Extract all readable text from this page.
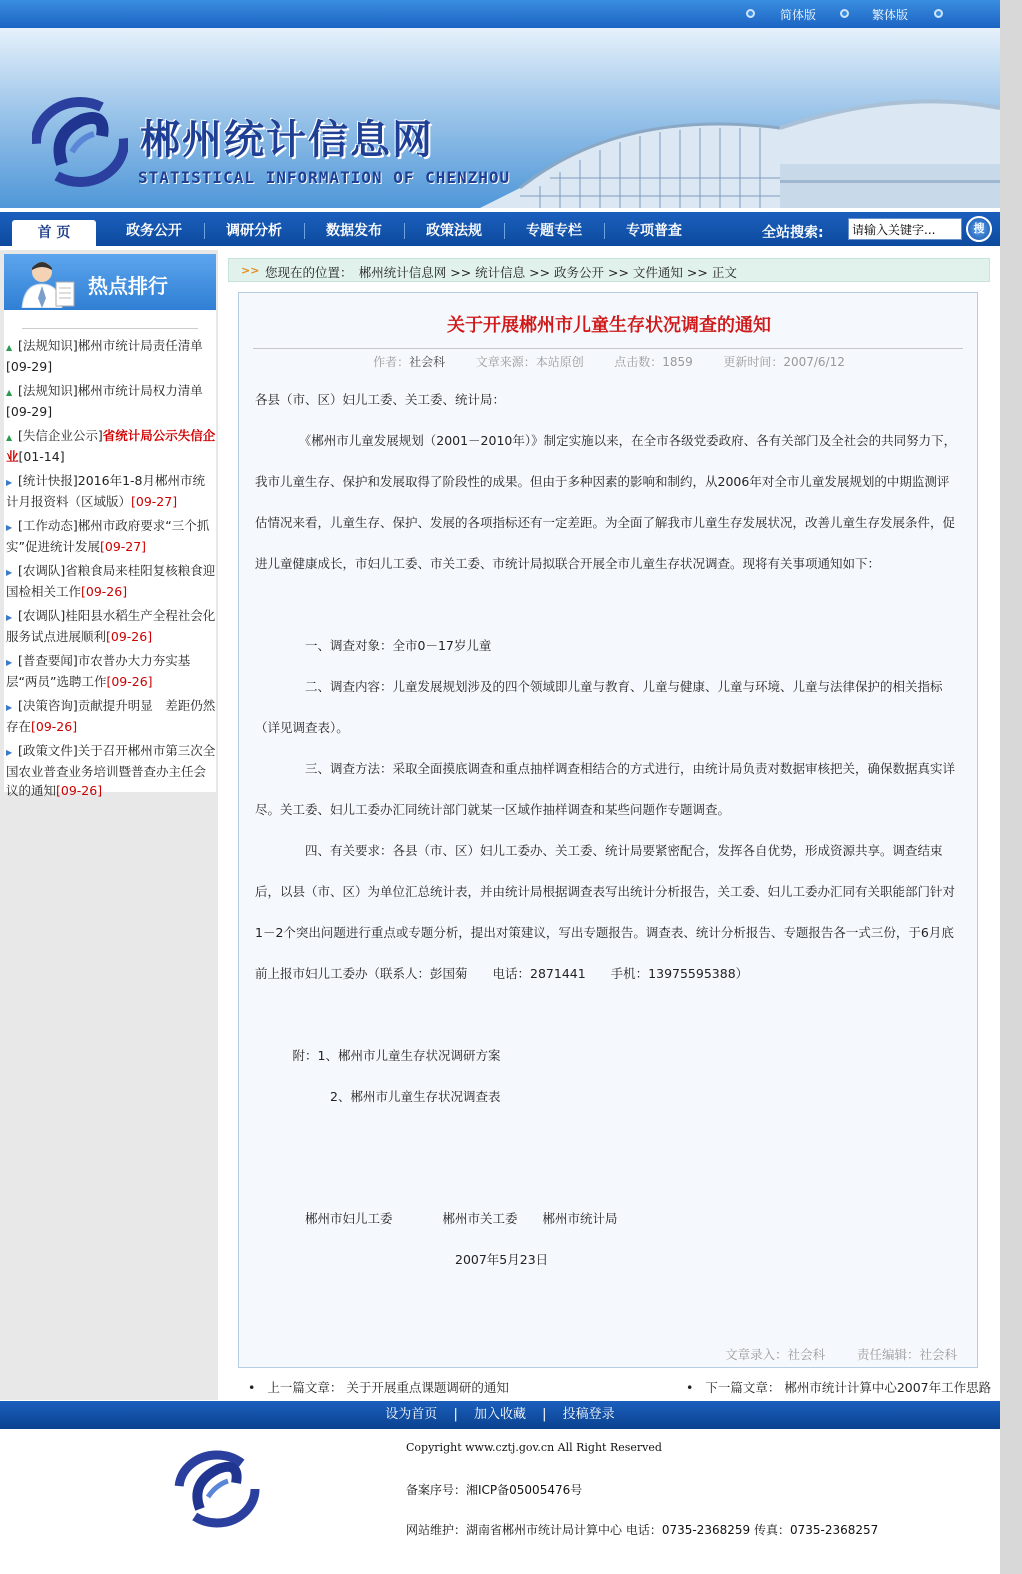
简体版	繁体版
郴州统计信息网
STATISTICAL INFORMATION OF CHENZHOU
首 页	政务公开	调研分析	数据发布	政策法规	专题专栏	专项普查	全站搜索:
请输入关键字...	搜
热点排行
▲ [法规知识]郴州市统计局责任清单[09-29]
▲ [法规知识]郴州市统计局权力清单[09-29]
▲ [失信企业公示]省统计局公示失信企业[01-14]
▶ [统计快报]2016年1-8月郴州市统计月报资料（区域版）[09-27]
▶ [工作动态]郴州市政府要求“三个抓实”促进统计发展[09-27]
▶ [农调队]省粮食局来桂阳复核粮食迎国检相关工作[09-26]
▶ [农调队]桂阳县水稻生产全程社会化服务试点进展顺利[09-26]
▶ [普查要闻]市农普办大力夯实基层“两员”选聘工作[09-26]
▶ [决策咨询]贡献提升明显　差距仍然存在[09-26]
▶ [政策文件]关于召开郴州市第三次全国农业普查业务培训暨普查办主任会议的通知[09-26]
>> 您现在的位置：　郴州统计信息网 >> 统计信息 >> 政务公开 >> 文件通知 >> 正文
关于开展郴州市儿童生存状况调查的通知
作者：社会科	文章来源：本站原创	点击数：1859	更新时间：2007/6/12

各县（市、区）妇儿工委、关工委、统计局：

　　　　《郴州市儿童发展规划（2001－2010年）》制定实施以来，在全市各级党委政府、各有关部门及全社会的共同努力下，我市儿童生存、保护和发展取得了阶段性的成果。但由于多种因素的影响和制约，从2006年对全市儿童发展规划的中期监测评估情况来看，儿童生存、保护、发展的各项指标还有一定差距。为全面了解我市儿童生存发展状况，改善儿童生存发展条件，促进儿童健康成长，市妇儿工委、市关工委、市统计局拟联合开展全市儿童生存状况调查。现将有关事项通知如下：

　　　　一、调查对象：全市0－17岁儿童

　　　　二、调查内容：儿童发展规划涉及的四个领域即儿童与教育、儿童与健康、儿童与环境、儿童与法律保护的相关指标（详见调查表）。

　　　　三、调查方法：采取全面摸底调查和重点抽样调查相结合的方式进行，由统计局负责对数据审核把关，确保数据真实详尽。关工委、妇儿工委办汇同统计部门就某一区域作抽样调查和某些问题作专题调查。

　　　　四、有关要求：各县（市、区）妇儿工委办、关工委、统计局要紧密配合，发挥各自优势，形成资源共享。调查结束后，以县（市、区）为单位汇总统计表，并由统计局根据调查表写出统计分析报告，关工委、妇儿工委办汇同有关职能部门针对1－2个突出问题进行重点或专题分析，提出对策建议，写出专题报告。调查表、统计分析报告、专题报告各一式三份，于6月底前上报市妇儿工委办（联系人：彭国菊　　电话：2871441　　手机：13975595388）

　　　附：1、郴州市儿童生存状况调研方案

　　　　　　2、郴州市儿童生存状况调查表

　　　　郴州市妇儿工委　　　　郴州市关工委　　郴州市统计局

　　　　　　　　　　　　　　　　2007年5月23日

文章录入：社会科	责任编辑：社会科
•   上一篇文章： 关于开展重点课题调研的通知	•   下一篇文章： 郴州市统计计算中心2007年工作思路
设为首页 | 加入收藏 | 投稿登录
Copyright www.cztj.gov.cn All Right Reserved
备案序号：湘ICP备05005476号
网站维护：湖南省郴州市统计局计算中心 电话：0735-2368259 传真：0735-2368257
